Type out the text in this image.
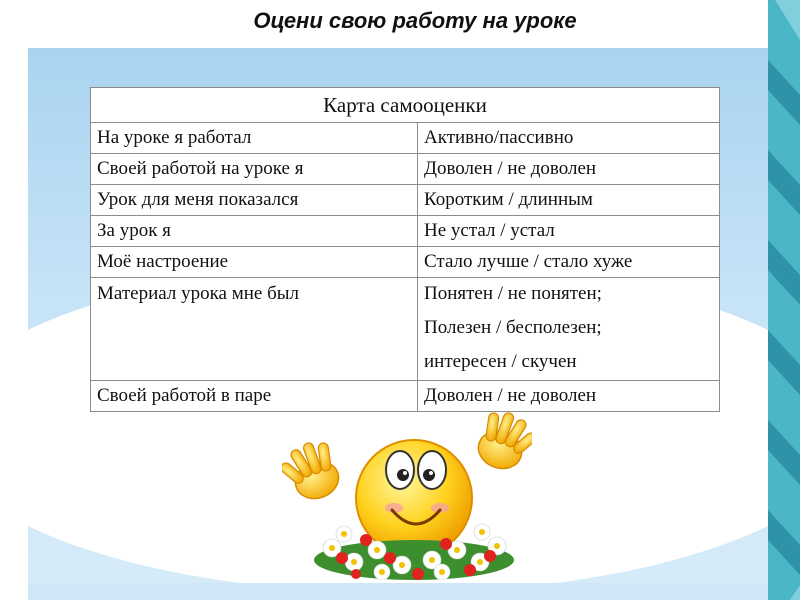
Оцени свою работу на уроке
Карта самооценки	
На уроке я работал	Активно/пассивно
Своей работой на уроке я	Доволен / не доволен
Урок для меня показался	Коротким / длинным
За урок я	Не устал / устал
Моё настроение	Стало лучше / стало хуже

Материал урока мне был	Понятен / не понятен;
Полезен / бесполезен;
интересен / скучен

Своей работой в паре	Доволен / не доволен
